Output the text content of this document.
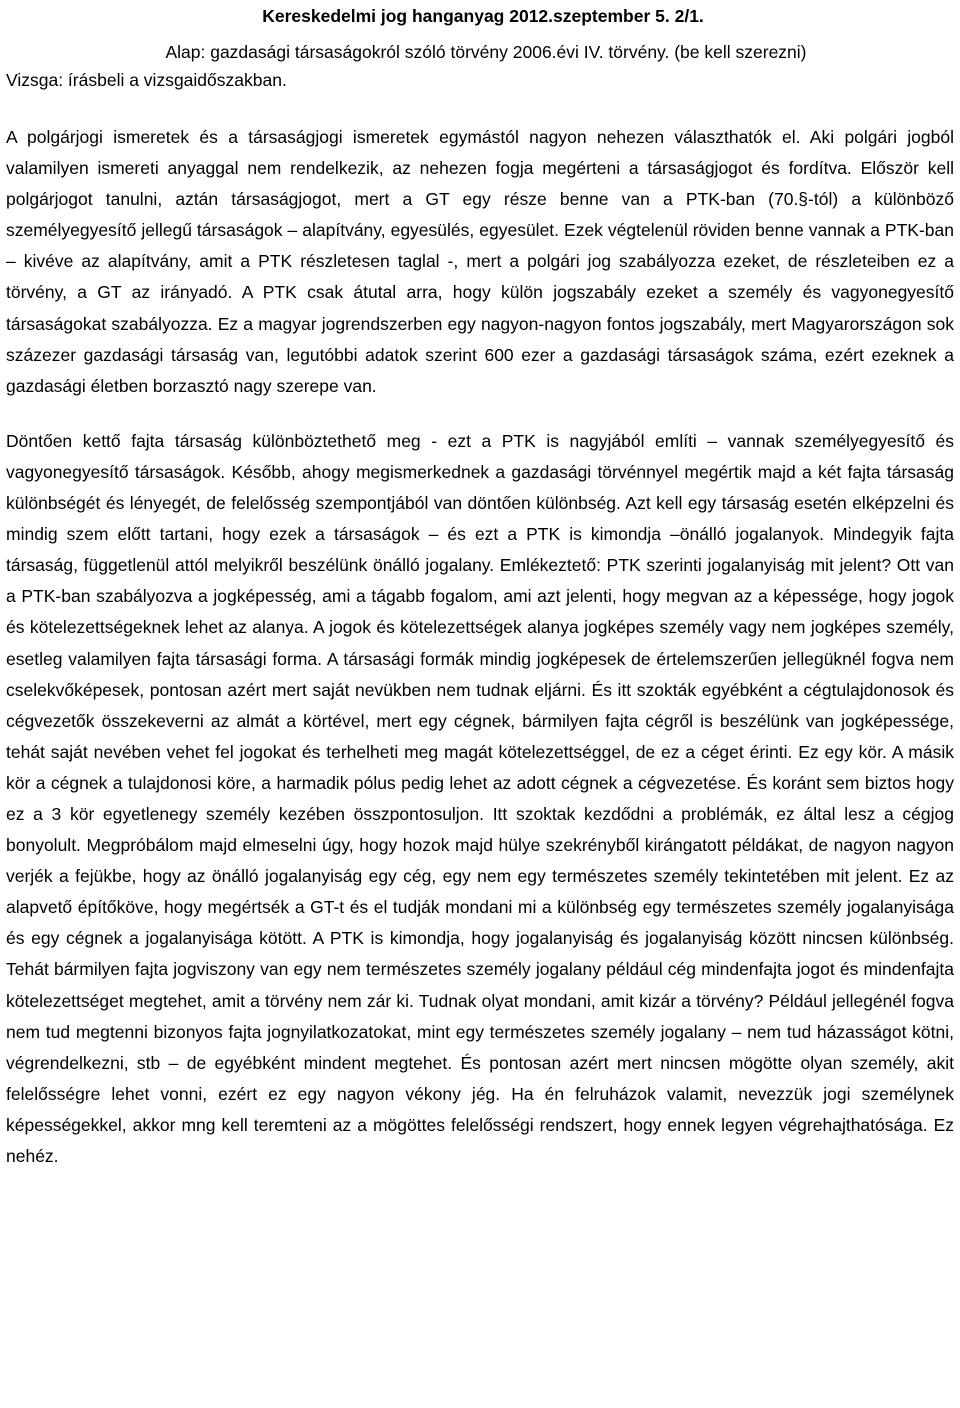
Kereskedelmi jog hanganyag 2012.szeptember 5. 2/1.

Alap: gazdasági társaságokról szóló törvény 2006.évi IV. törvény. (be kell szerezni)

Vizsga: írásbeli a vizsgaidőszakban.

A polgárjogi ismeretek és a társaságjogi ismeretek egymástól nagyon nehezen választhatók el. Aki polgári jogból valamilyen ismereti anyaggal nem rendelkezik, az nehezen fogja megérteni a társaságjogot és fordítva. Először kell polgárjogot tanulni, aztán társaságjogot, mert a GT egy része benne van a PTK-ban (70.§-tól) a különböző személyegyesítő jellegű társaságok – alapítvány, egyesülés, egyesület. Ezek végtelenül röviden benne vannak a PTK-ban – kivéve az alapítvány, amit a PTK részletesen taglal -, mert a polgári jog szabályozza ezeket, de részleteiben ez a törvény, a GT az irányadó. A PTK csak átutal arra, hogy külön jogszabály ezeket a személy és vagyonegyesítő társaságokat szabályozza. Ez a magyar jogrendszerben egy nagyon-nagyon fontos jogszabály, mert Magyarországon sok százezer gazdasági társaság van, legutóbbi adatok szerint 600 ezer a gazdasági társaságok száma, ezért ezeknek a gazdasági életben borzasztó nagy szerepe van.

Döntően kettő fajta társaság különböztethető meg - ezt a PTK is nagyjából említi – vannak személyegyesítő és vagyonegyesítő társaságok. Később, ahogy megismerkednek a gazdasági törvénnyel megértik majd a két fajta társaság különbségét és lényegét, de felelősség szempontjából van döntően különbség. Azt kell egy társaság esetén elképzelni és mindig szem előtt tartani, hogy ezek a társaságok – és ezt a PTK is kimondja –önálló jogalanyok. Mindegyik fajta társaság, függetlenül attól melyikről beszélünk önálló jogalany. Emlékeztető: PTK szerinti jogalanyiság mit jelent? Ott van a PTK-ban szabályozva a jogképesség, ami a tágabb fogalom, ami azt jelenti, hogy megvan az a képessége, hogy jogok és kötelezettségeknek lehet az alanya. A jogok és kötelezettségek alanya jogképes személy vagy nem jogképes személy, esetleg valamilyen fajta társasági forma. A társasági formák mindig jogképesek de értelemszerűen jellegüknél fogva nem cselekvőképesek, pontosan azért mert saját nevükben nem tudnak eljárni. És itt szokták egyébként a cégtulajdonosok és cégvezetők összekeverni az almát a körtével, mert egy cégnek, bármilyen fajta cégről is beszélünk van jogképessége, tehát saját nevében vehet fel jogokat és terhelheti meg magát kötelezettséggel, de ez a céget érinti. Ez egy kör. A másik kör a cégnek a tulajdonosi köre, a harmadik pólus pedig lehet az adott cégnek a cégvezetése. És koránt sem biztos hogy ez a 3 kör egyetlenegy személy kezében összpontosuljon. Itt szoktak kezdődni a problémák, ez által lesz a cégjog bonyolult. Megpróbálom majd elmeselni úgy, hogy hozok majd hülye szekrényből kirángatott példákat, de nagyon nagyon verjék a fejükbe, hogy az önálló jogalanyiság egy cég, egy nem egy természetes személy tekintetében mit jelent. Ez az alapvető építőköve, hogy megértsék a GT-t és el tudják mondani mi a különbség egy természetes személy jogalanyisága és egy cégnek a jogalanyisága kötött. A PTK is kimondja, hogy jogalanyiság és jogalanyiság között nincsen különbség. Tehát bármilyen fajta jogviszony van egy nem természetes személy jogalany például cég mindenfajta jogot és mindenfajta kötelezettséget megtehet, amit a törvény nem zár ki. Tudnak olyat mondani, amit kizár a törvény? Például jellegénél fogva nem tud megtenni bizonyos fajta jognyilatkozatokat, mint egy természetes személy jogalany – nem tud házasságot kötni, végrendelkezni, stb – de egyébként mindent megtehet. És pontosan azért mert nincsen mögötte olyan személy, akit felelősségre lehet vonni, ezért ez egy nagyon vékony jég. Ha én felruházok valamit, nevezzük jogi személynek képességekkel, akkor mng kell teremteni az a mögöttes felelősségi rendszert, hogy ennek legyen végrehajthatósága. Ez nehéz.
